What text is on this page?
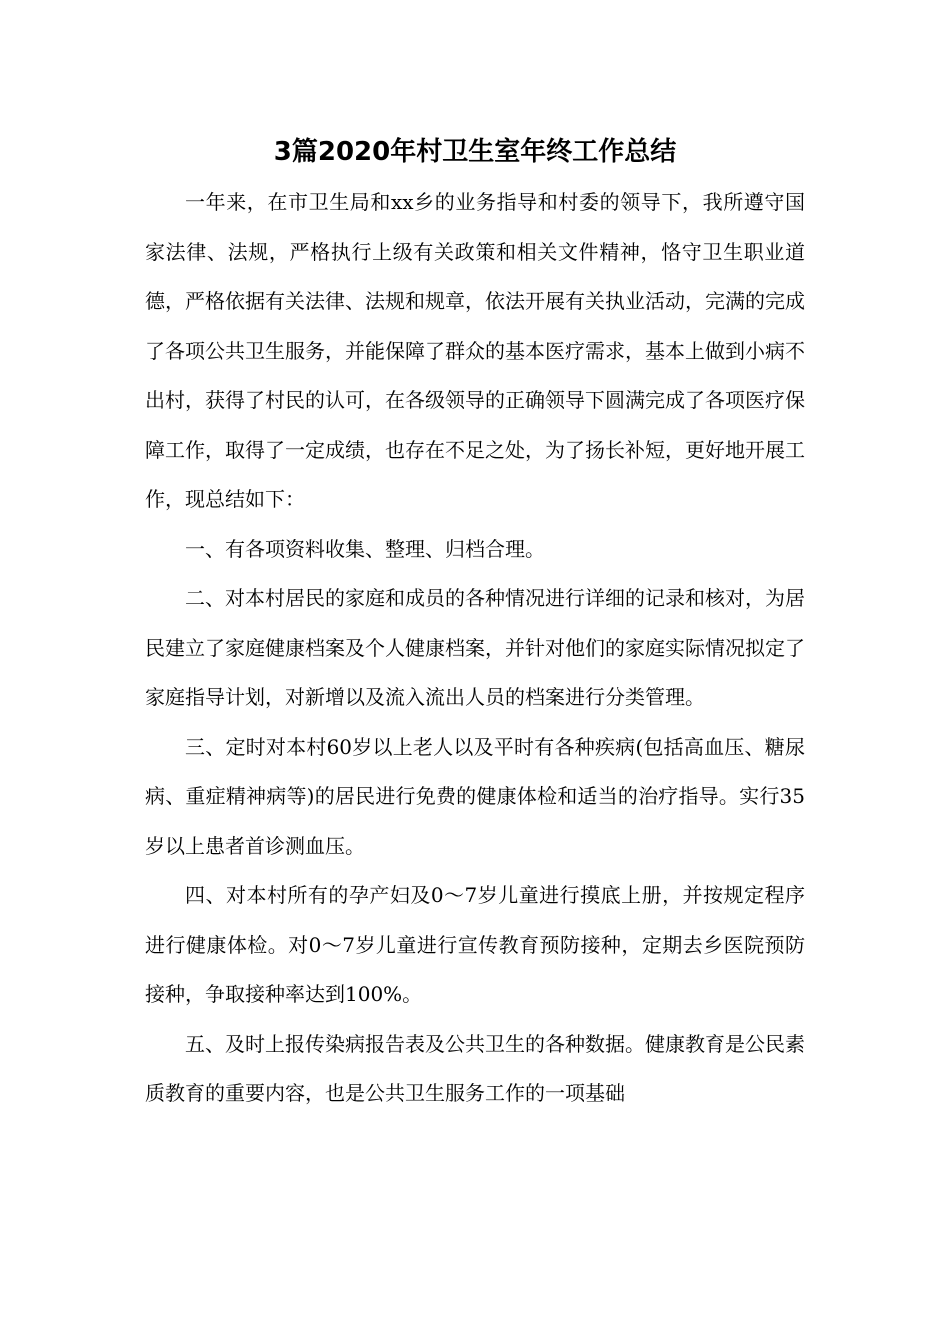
3篇2020年村卫生室年终工作总结

一年来，在市卫生局和xx乡的业务指导和村委的领导下，我所遵守国家法律、法规，严格执行上级有关政策和相关文件精神，恪守卫生职业道德，严格依据有关法律、法规和规章，依法开展有关执业活动，完满的完成了各项公共卫生服务，并能保障了群众的基本医疗需求，基本上做到小病不出村，获得了村民的认可，在各级领导的正确领导下圆满完成了各项医疗保障工作，取得了一定成绩，也存在不足之处，为了扬长补短，更好地开展工作，现总结如下：

一、有各项资料收集、整理、归档合理。

二、对本村居民的家庭和成员的各种情况进行详细的记录和核对，为居民建立了家庭健康档案及个人健康档案，并针对他们的家庭实际情况拟定了家庭指导计划，对新增以及流入流出人员的档案进行分类管理。

三、定时对本村60岁以上老人以及平时有各种疾病(包括高血压、糖尿病、重症精神病等)的居民进行免费的健康体检和适当的治疗指导。实行35岁以上患者首诊测血压。

四、对本村所有的孕产妇及0～7岁儿童进行摸底上册，并按规定程序进行健康体检。对0～7岁儿童进行宣传教育预防接种，定期去乡医院预防接种，争取接种率达到100%。

五、及时上报传染病报告表及公共卫生的各种数据。健康教育是公民素质教育的重要内容，也是公共卫生服务工作的一项基础
